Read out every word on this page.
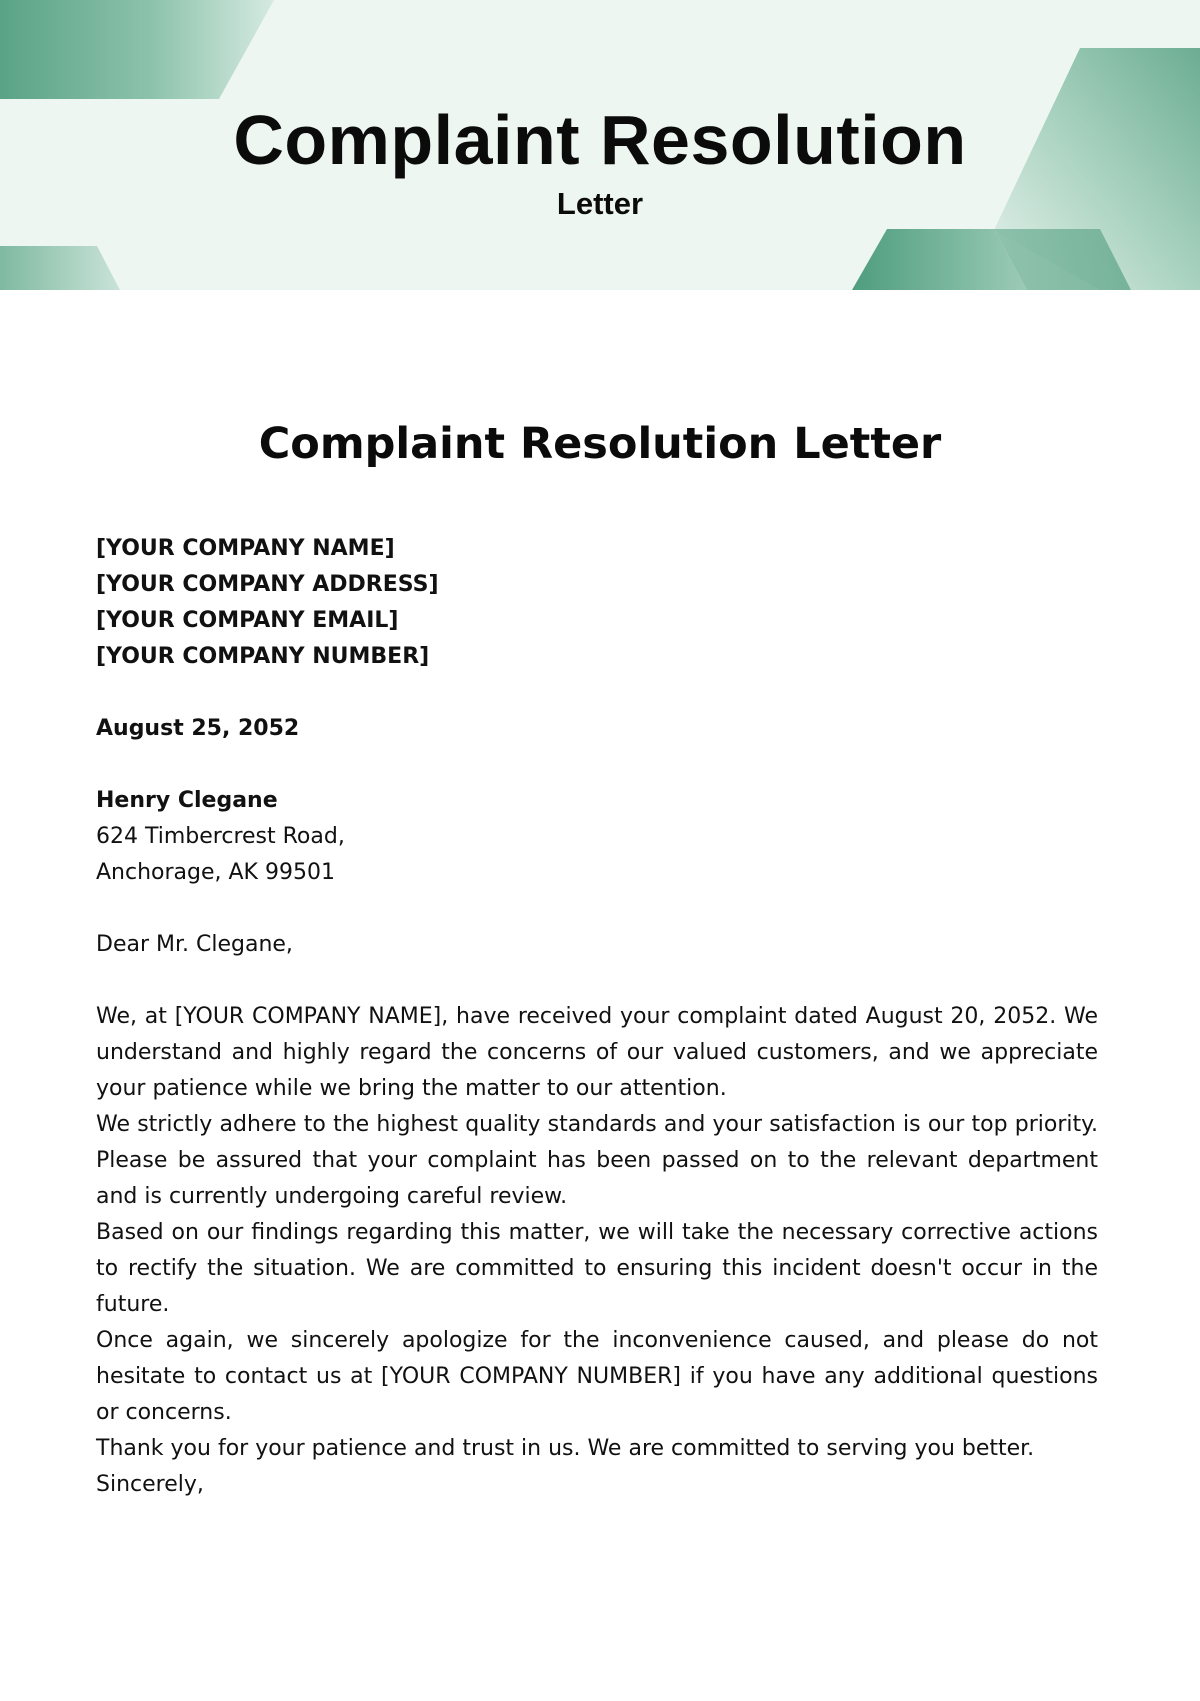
Complaint Resolution
Letter
Complaint Resolution Letter

[YOUR COMPANY NAME]

[YOUR COMPANY ADDRESS]

[YOUR COMPANY EMAIL]

[YOUR COMPANY NUMBER]

August 25, 2052

Henry Clegane

624 Timbercrest Road,

Anchorage, AK 99501

Dear Mr. Clegane,

We, at [YOUR COMPANY NAME], have received your complaint dated August 20, 2052. We understand and highly regard the concerns of our valued customers, and we appreciate your patience while we bring the matter to our attention.

We strictly adhere to the highest quality standards and your satisfaction is our top priority. Please be assured that your complaint has been passed on to the relevant department and is currently undergoing careful review.

Based on our findings regarding this matter, we will take the necessary corrective actions to rectify the situation. We are committed to ensuring this incident doesn't occur in the future.

Once again, we sincerely apologize for the inconvenience caused, and please do not hesitate to contact us at [YOUR COMPANY NUMBER] if you have any additional questions or concerns.

Thank you for your patience and trust in us. We are committed to serving you better.

Sincerely,
